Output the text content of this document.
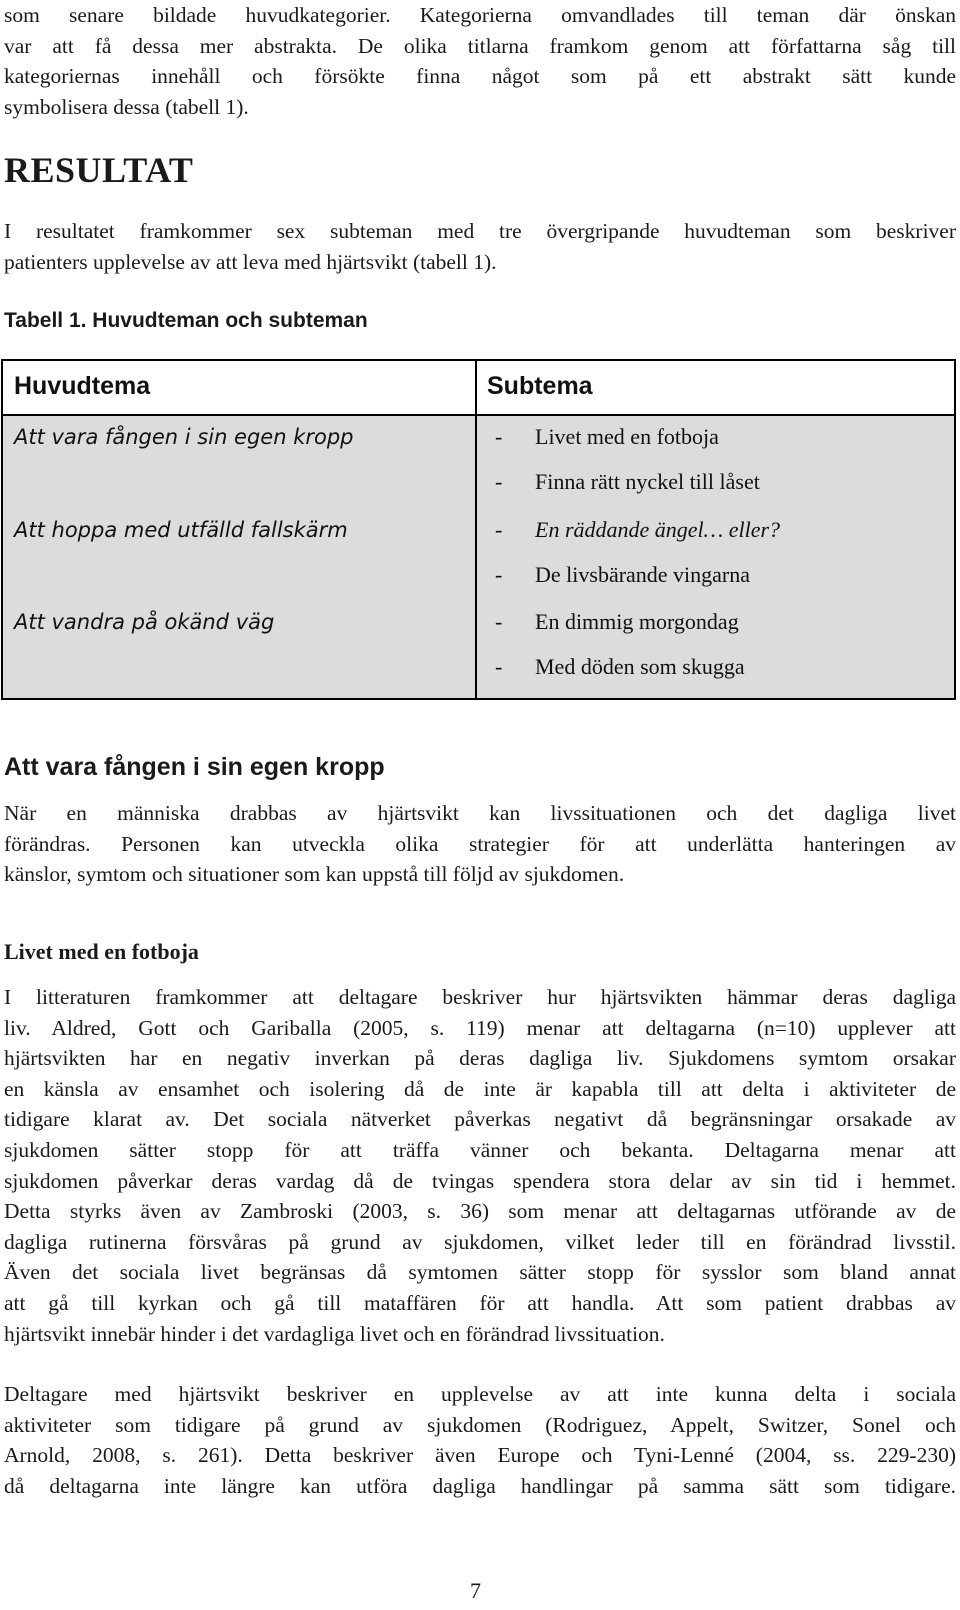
som senare bildade huvudkategorier. Kategorierna omvandlades till teman där önskan

var att få dessa mer abstrakta. De olika titlarna framkom genom att författarna såg till

kategoriernas innehåll och försökte finna något som på ett abstrakt sätt kunde

symbolisera dessa (tabell 1).

RESULTAT

I resultatet framkommer sex subteman med tre övergripande huvudteman som beskriver

patienters upplevelse av att leva med hjärtsvikt (tabell 1).

Tabell 1. Huvudteman och subteman

Huvudtema	Subtema

Att vara fången i sin egen kropp	- Livet med en fotboja

- Finna rätt nyckel till låset

Att hoppa med utfälld fallskärm	- En räddande ängel… eller?

- De livsbärande vingarna

Att vandra på okänd väg	- En dimmig morgondag

- Med döden som skugga

Att vara fången i sin egen kropp

När en människa drabbas av hjärtsvikt kan livssituationen och det dagliga livet

förändras. Personen kan utveckla olika strategier för att underlätta hanteringen av

känslor, symtom och situationer som kan uppstå till följd av sjukdomen.

Livet med en fotboja

I litteraturen framkommer att deltagare beskriver hur hjärtsvikten hämmar deras dagliga

liv. Aldred, Gott och Gariballa (2005, s. 119) menar att deltagarna (n=10) upplever att

hjärtsvikten har en negativ inverkan på deras dagliga liv. Sjukdomens symtom orsakar

en känsla av ensamhet och isolering då de inte är kapabla till att delta i aktiviteter de

tidigare klarat av. Det sociala nätverket påverkas negativt då begränsningar orsakade av

sjukdomen sätter stopp för att träffa vänner och bekanta. Deltagarna menar att

sjukdomen påverkar deras vardag då de tvingas spendera stora delar av sin tid i hemmet.

Detta styrks även av Zambroski (2003, s. 36) som menar att deltagarnas utförande av de

dagliga rutinerna försvåras på grund av sjukdomen, vilket leder till en förändrad livsstil.

Även det sociala livet begränsas då symtomen sätter stopp för sysslor som bland annat

att gå till kyrkan och gå till mataffären för att handla. Att som patient drabbas av

hjärtsvikt innebär hinder i det vardagliga livet och en förändrad livssituation.

Deltagare med hjärtsvikt beskriver en upplevelse av att inte kunna delta i sociala

aktiviteter som tidigare på grund av sjukdomen (Rodriguez, Appelt, Switzer, Sonel och

Arnold, 2008, s. 261). Detta beskriver även Europe och Tyni-Lenné (2004, ss. 229-230)

då deltagarna inte längre kan utföra dagliga handlingar på samma sätt som tidigare.

7
